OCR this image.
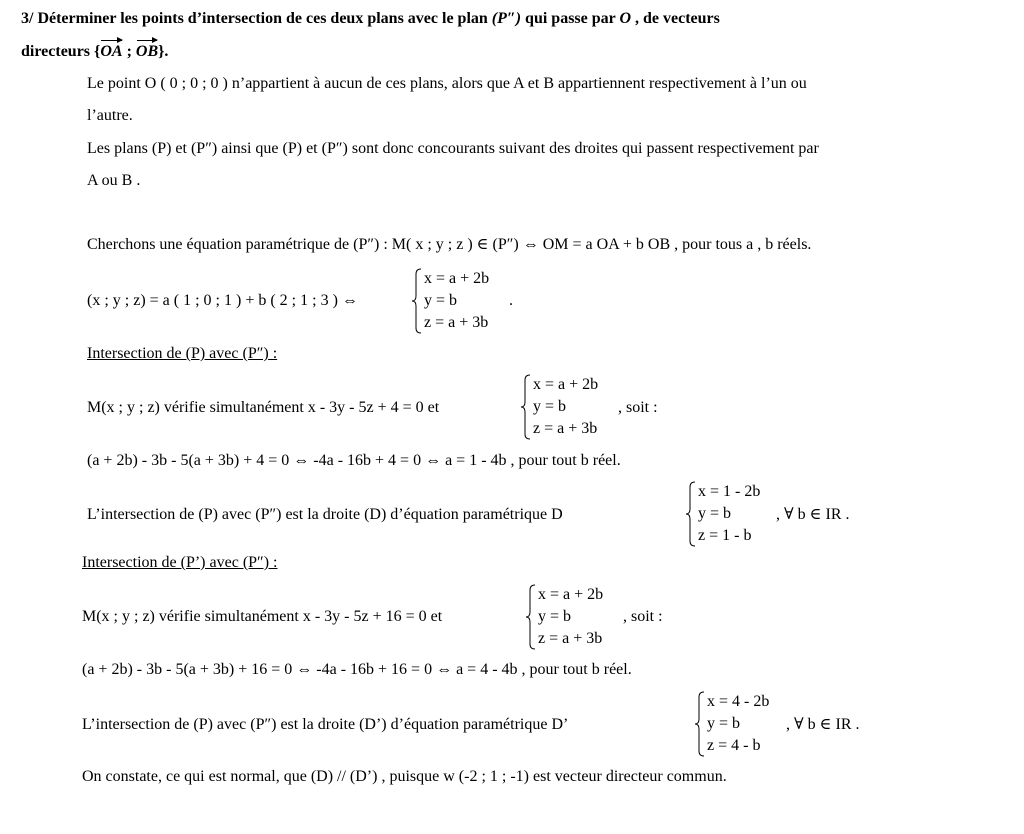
3/ Déterminer les points d’intersection de ces deux plans avec le plan (P″) qui passe par O , de vecteurs
directeurs {OA ; OB}.
Le point O ( 0 ; 0 ; 0 ) n’appartient à aucun de ces plans, alors que A et B appartiennent respectivement à l’un ou
l’autre.
Les plans (P) et (P″) ainsi que (P) et (P″) sont donc concourants suivant des droites qui passent respectivement par
A ou B .
Cherchons une équation paramétrique de (P″) : M( x ; y ; z ) ∈ (P″) ⇔ OM = a OA + b OB , pour tous a , b réels.
(x ; y ; z) = a ( 1 ; 0 ; 1 ) + b ( 2 ; 1 ; 3 ) ⇔
x = a + 2b
y = b
z = a + 3b
.
Intersection de (P) avec (P″) :
M(x ; y ; z) vérifie simultanément x - 3y - 5z + 4 = 0 et
x = a + 2b
y = b
z = a + 3b
, soit :
(a + 2b) - 3b - 5(a + 3b) + 4 = 0 ⇔ -4a - 16b + 4 = 0 ⇔ a = 1 - 4b , pour tout b réel.
L’intersection de (P) avec (P″) est la droite (D) d’équation paramétrique D
x = 1 - 2b
y = b
z = 1 - b
, ∀ b ∈ IR .
Intersection de (P’) avec (P″) :
M(x ; y ; z) vérifie simultanément x - 3y - 5z + 16 = 0 et
x = a + 2b
y = b
z = a + 3b
, soit :
(a + 2b) - 3b - 5(a + 3b) + 16 = 0 ⇔ -4a - 16b + 16 = 0 ⇔ a = 4 - 4b , pour tout b réel.
L’intersection de (P) avec (P″) est la droite (D’) d’équation paramétrique D’
x = 4 - 2b
y = b
z = 4 - b
, ∀ b ∈ IR .
On constate, ce qui est normal, que (D) // (D’) , puisque w (-2 ; 1 ; -1) est vecteur directeur commun.
